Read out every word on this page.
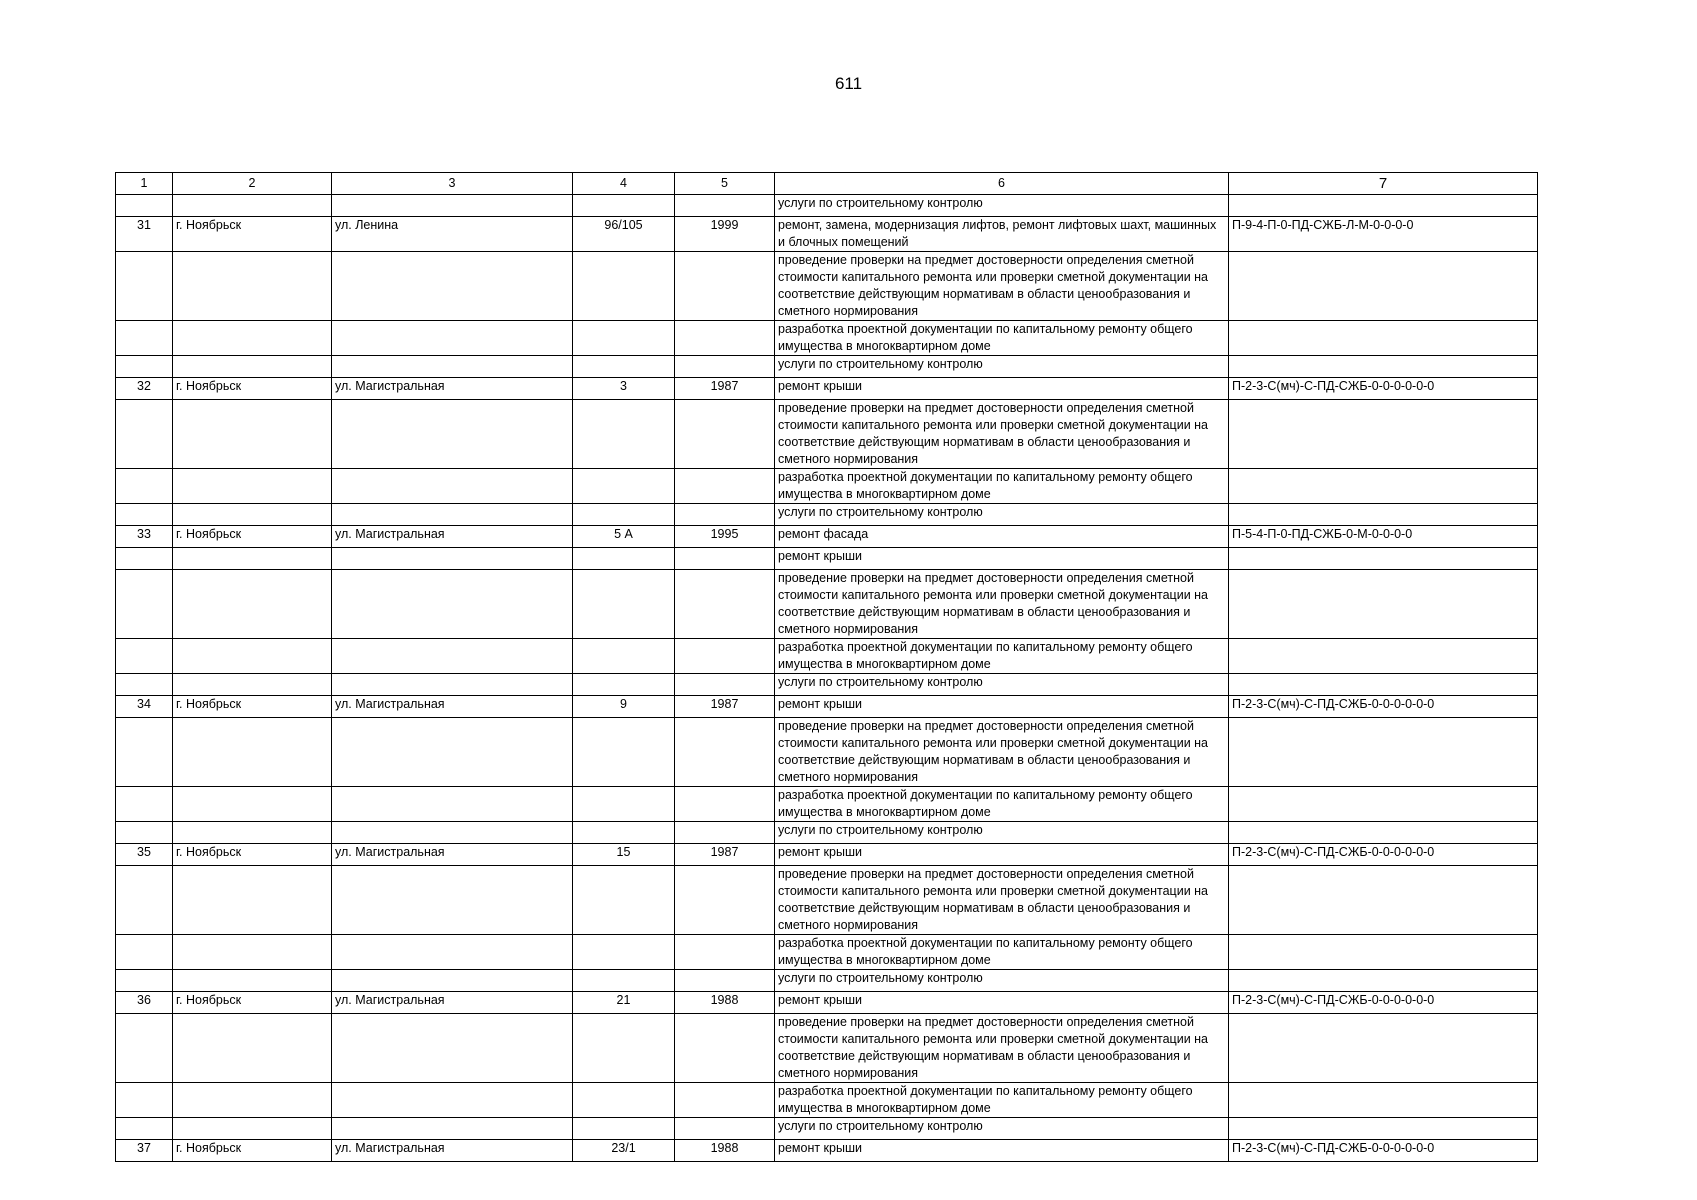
611
1	2	3	4	5	6	7
					услуги по строительному контролю	
31	г. Ноябрьск	ул. Ленина	96/105	1999	ремонт, замена, модернизация лифтов, ремонт лифтовых шахт, машинных и блочных помещений	П-9-4-П-0-ПД-СЖБ-Л-М-0-0-0-0
					проведение проверки на предмет достоверности определения сметной стоимости капитального ремонта или проверки сметной документации на соответствие действующим нормативам в области ценообразования и сметного нормирования	
					разработка проектной документации по капитальному ремонту общего имущества в многоквартирном доме	
					услуги по строительному контролю	
32	г. Ноябрьск	ул. Магистральная	3	1987	ремонт крыши	П-2-3-С(мч)-С-ПД-СЖБ-0-0-0-0-0-0
					проведение проверки на предмет достоверности определения сметной стоимости капитального ремонта или проверки сметной документации на соответствие действующим нормативам в области ценообразования и сметного нормирования	
					разработка проектной документации по капитальному ремонту общего имущества в многоквартирном доме	
					услуги по строительному контролю	
33	г. Ноябрьск	ул. Магистральная	5 А	1995	ремонт фасада	П-5-4-П-0-ПД-СЖБ-0-М-0-0-0-0
					ремонт крыши	
					проведение проверки на предмет достоверности определения сметной стоимости капитального ремонта или проверки сметной документации на соответствие действующим нормативам в области ценообразования и сметного нормирования	
					разработка проектной документации по капитальному ремонту общего имущества в многоквартирном доме	
					услуги по строительному контролю	
34	г. Ноябрьск	ул. Магистральная	9	1987	ремонт крыши	П-2-3-С(мч)-С-ПД-СЖБ-0-0-0-0-0-0
					проведение проверки на предмет достоверности определения сметной стоимости капитального ремонта или проверки сметной документации на соответствие действующим нормативам в области ценообразования и сметного нормирования	
					разработка проектной документации по капитальному ремонту общего имущества в многоквартирном доме	
					услуги по строительному контролю	
35	г. Ноябрьск	ул. Магистральная	15	1987	ремонт крыши	П-2-3-С(мч)-С-ПД-СЖБ-0-0-0-0-0-0
					проведение проверки на предмет достоверности определения сметной стоимости капитального ремонта или проверки сметной документации на соответствие действующим нормативам в области ценообразования и сметного нормирования	
					разработка проектной документации по капитальному ремонту общего имущества в многоквартирном доме	
					услуги по строительному контролю	
36	г. Ноябрьск	ул. Магистральная	21	1988	ремонт крыши	П-2-3-С(мч)-С-ПД-СЖБ-0-0-0-0-0-0
					проведение проверки на предмет достоверности определения сметной стоимости капитального ремонта или проверки сметной документации на соответствие действующим нормативам в области ценообразования и сметного нормирования	
					разработка проектной документации по капитальному ремонту общего имущества в многоквартирном доме	
					услуги по строительному контролю	
37	г. Ноябрьск	ул. Магистральная	23/1	1988	ремонт крыши	П-2-3-С(мч)-С-ПД-СЖБ-0-0-0-0-0-0
